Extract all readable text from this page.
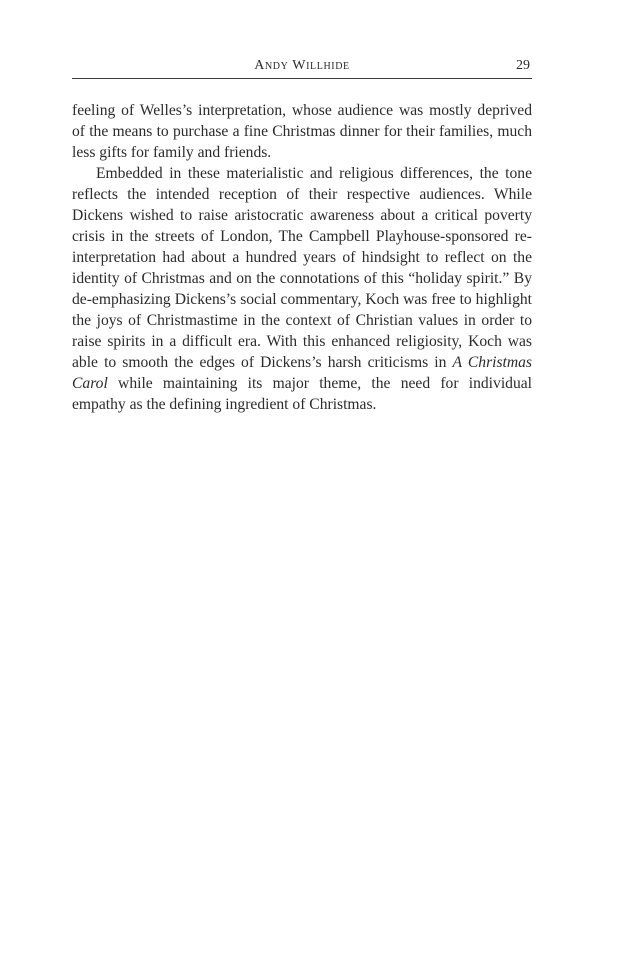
Andy Willhide	29

feeling of Welles’s interpretation, whose audience was mostly deprived of the means to purchase a fine Christmas dinner for their families, much less gifts for family and friends.

Embedded in these materialistic and religious differences, the tone reflects the intended reception of their respective audiences. While Dickens wished to raise aristocratic awareness about a critical poverty crisis in the streets of London, The Campbell Playhouse-sponsored re-interpretation had about a hundred years of hindsight to reflect on the identity of Christmas and on the connotations of this “holiday spirit.” By de-emphasizing Dickens’s social commentary, Koch was free to highlight the joys of Christmastime in the context of Christian values in order to raise spirits in a difficult era. With this enhanced religiosity, Koch was able to smooth the edges of Dickens’s harsh criticisms in A Christmas Carol while maintaining its major theme, the need for individual empathy as the defining ingredient of Christmas.
